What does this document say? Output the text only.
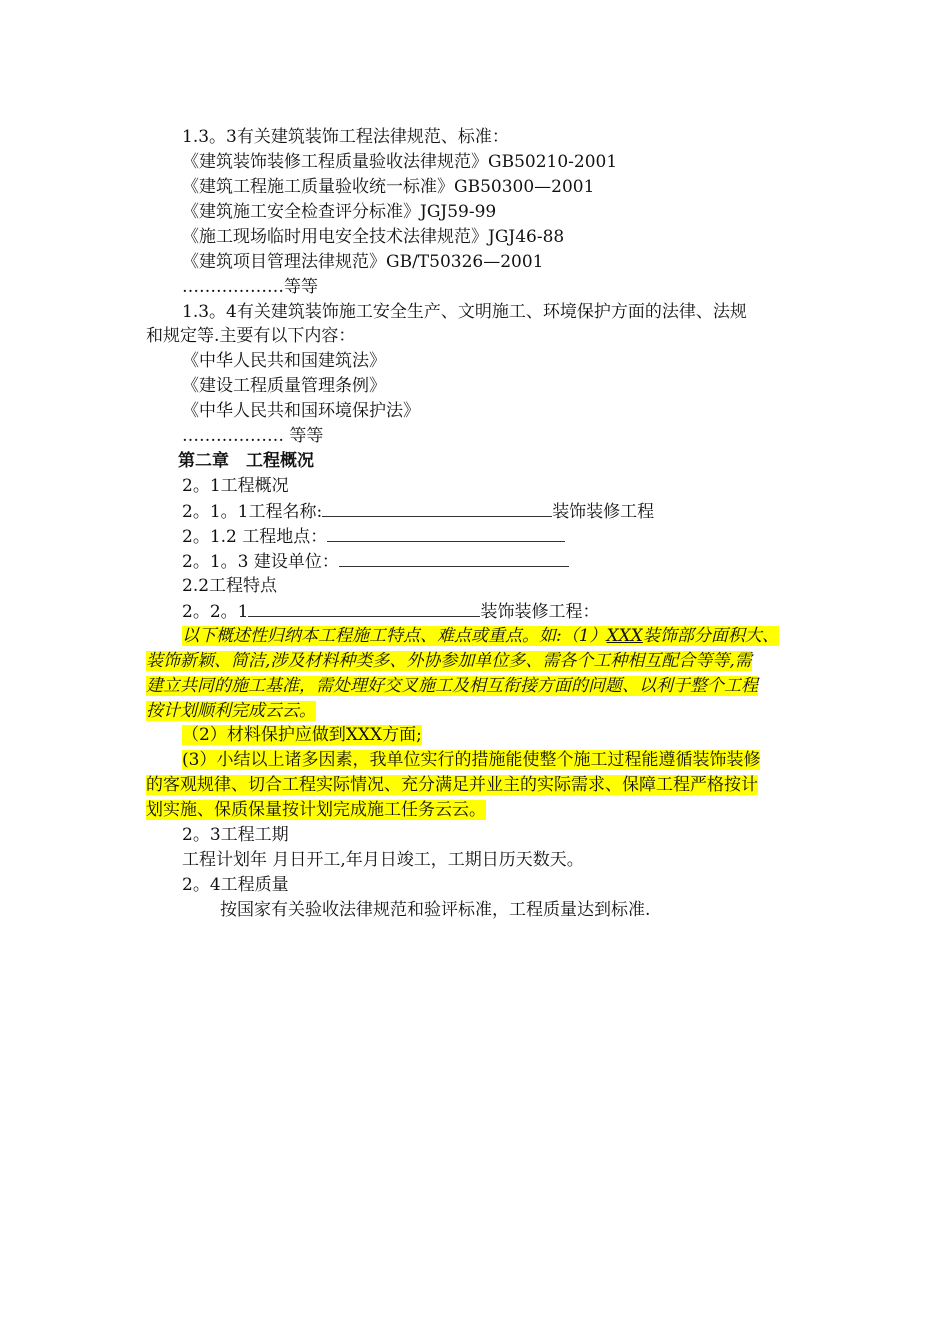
1.3。3有关建筑装饰工程法律规范、标准：
《建筑装饰装修工程质量验收法律规范》GB50210-2001
《建筑工程施工质量验收统一标准》GB50300—2001
《建筑施工安全检查评分标准》JGJ59-99
《施工现场临时用电安全技术法律规范》JGJ46-88
《建筑项目管理法律规范》GB/T50326—2001
………………等等
1.3。4有关建筑装饰施工安全生产、文明施工、环境保护方面的法律、法规
和规定等.主要有以下内容：
《中华人民共和国建筑法》
《建设工程质量管理条例》
《中华人民共和国环境保护法》
……………… 等等
第二章　工程概况
2。1工程概况
2。1。1工程名称:	装饰装修工程
2。1.2 工程地点：
2。1。3 建设单位：
2.2工程特点
2。2。1	装饰装修工程：
以下概述性归纳本工程施工特点、难点或重点。如:（1）XXX装饰部分面积大、
装饰新颖、简洁,涉及材料种类多、外协参加单位多、需各个工种相互配合等等,需
建立共同的施工基准，需处理好交叉施工及相互衔接方面的问题、以利于整个工程
按计划顺利完成云云。
（2）材料保护应做到XXX方面;
(3）小结以上诸多因素，我单位实行的措施能使整个施工过程能遵循装饰装修
的客观规律、切合工程实际情况、充分满足并业主的实际需求、保障工程严格按计
划实施、保质保量按计划完成施工任务云云。
2。3工程工期
工程计划年 月日开工,年月日竣工，工期日历天数天。
2。4工程质量
按国家有关验收法律规范和验评标准，工程质量达到标准.
